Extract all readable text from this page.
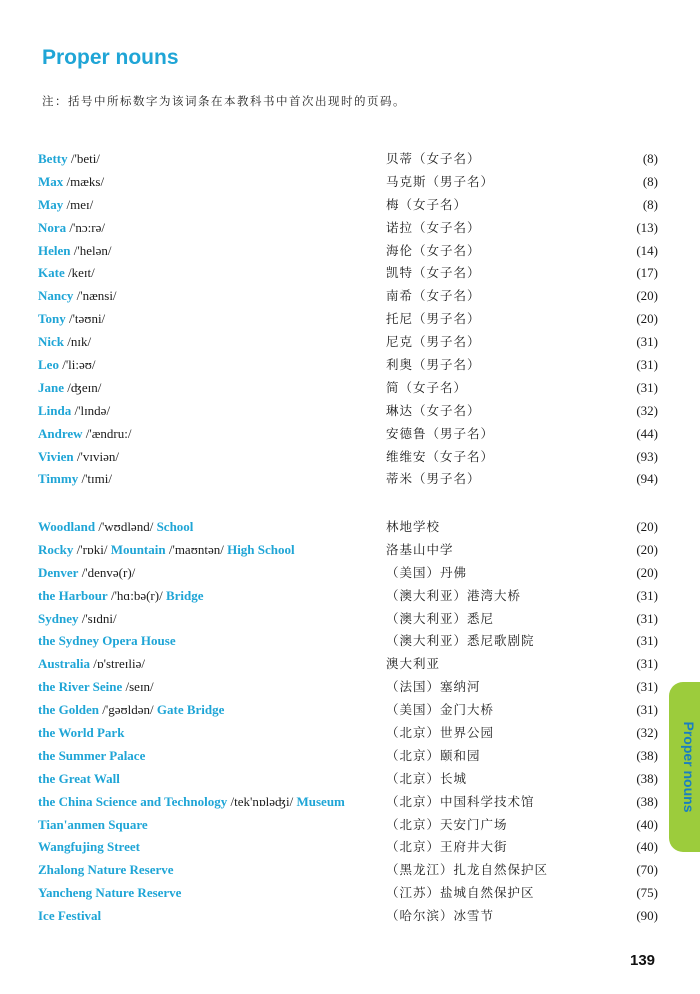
Proper nouns
注：括号中所标数字为该词条在本教科书中首次出现时的页码。
Betty /'beti/	贝蒂（女子名）	(8)
Max /mæks/	马克斯（男子名）	(8)
May /meɪ/	梅（女子名）	(8)
Nora /'nɔ:rə/	诺拉（女子名）	(13)
Helen /'helən/	海伦（女子名）	(14)
Kate /keɪt/	凯特（女子名）	(17)
Nancy /'nænsi/	南希（女子名）	(20)
Tony /'təʊni/	托尼（男子名）	(20)
Nick /nɪk/	尼克（男子名）	(31)
Leo /'li:əʊ/	利奥（男子名）	(31)
Jane /ʤeɪn/	简（女子名）	(31)
Linda /'lɪndə/	琳达（女子名）	(32)
Andrew /'ændru:/	安德鲁（男子名）	(44)
Vivien /'vɪviən/	维维安（女子名）	(93)
Timmy /'tɪmi/	蒂米（男子名）	(94)
Woodland /'wʊdlənd/ School	林地学校	(20)
Rocky /'rɒki/ Mountain /'maʊntən/ High School	洛基山中学	(20)
Denver /'denvə(r)/	（美国）丹佛	(20)
the Harbour /'hɑ:bə(r)/ Bridge	（澳大利亚）港湾大桥	(31)
Sydney /'sɪdni/	（澳大利亚）悉尼	(31)
the Sydney Opera House	（澳大利亚）悉尼歌剧院	(31)
Australia /ɒ'streɪliə/	澳大利亚	(31)
the River Seine /seɪn/	（法国）塞纳河	(31)
the Golden /'gəʊldən/ Gate Bridge	（美国）金门大桥	(31)
the World Park	（北京）世界公园	(32)
the Summer Palace	（北京）颐和园	(38)
the Great Wall	（北京）长城	(38)
the China Science and Technology /tek'nɒləʤi/ Museum	（北京）中国科学技术馆	(38)
Tian'anmen Square	（北京）天安门广场	(40)
Wangfujing Street	（北京）王府井大街	(40)
Zhalong Nature Reserve	（黑龙江）扎龙自然保护区	(70)
Yancheng Nature Reserve	（江苏）盐城自然保护区	(75)
Ice Festival	（哈尔滨）冰雪节	(90)
Proper nouns
139
